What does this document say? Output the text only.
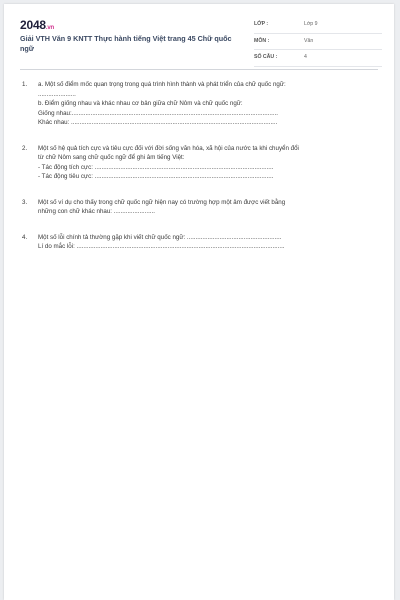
2048.vn
Giải VTH Văn 9 KNTT Thực hành tiếng Việt trang 45 Chữ quốc ngữ
LỚP :	Lớp 9
MÔN :	Văn
SỐ CÂU :	4
1. a. Một số điểm mốc quan trọng trong quá trình hình thành và phát triển của chữ quốc ngữ:
......................
b. Điểm giống nhau và khác nhau cơ bản giữa chữ Nôm và chữ quốc ngữ:
Giống nhau:........................................................................................................................
Khác nhau: ........................................................................................................................
2. Một số hệ quả tích cực và tiêu cực đối với đời sống văn hóa, xã hội của nước ta khi chuyển đổi
từ chữ Nôm sang chữ quốc ngữ để ghi âm tiếng Việt:
- Tác động tích cực: ........................................................................................................
- Tác động tiêu cực: ........................................................................................................
3. Một số ví dụ cho thấy trong chữ quốc ngữ hiện nay có trường hợp một âm được viết bằng
những con chữ khác nhau: ........................
4. Một số lỗi chính tả thường gặp khi viết chữ quốc ngữ: .......................................................
Lí do mắc lỗi: .........................................................................................................................
